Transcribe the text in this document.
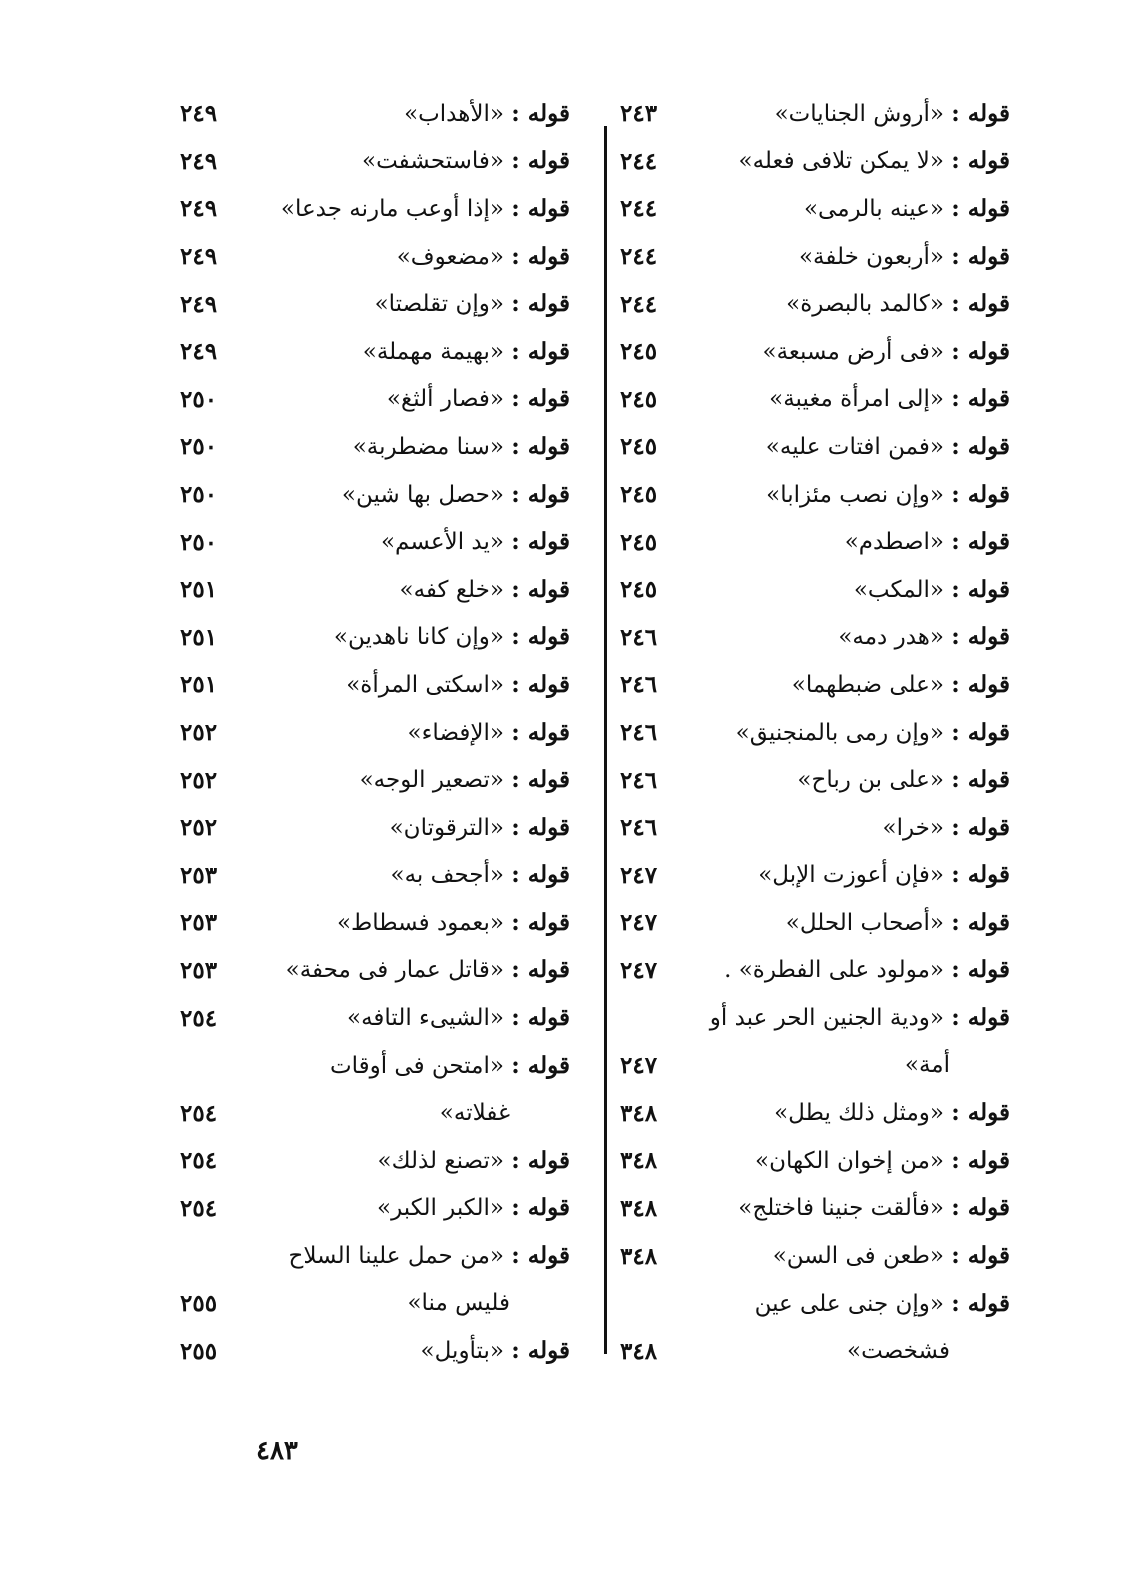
قوله : «أروش الجنايات»
٢٤٣
قوله : «لا يمكن تلافى فعله»
٢٤٤
قوله : «عينه بالرمى»
٢٤٤
قوله : «أربعون خلفة»
٢٤٤
قوله : «كالمد بالبصرة»
٢٤٤
قوله : «فى أرض مسبعة»
٢٤٥
قوله : «إلى امرأة مغيبة»
٢٤٥
قوله : «فمن افتات عليه»
٢٤٥
قوله : «وإن نصب مئزابا»
٢٤٥
قوله : «اصطدم»
٢٤٥
قوله : «المكب»
٢٤٥
قوله : «هدر دمه»
٢٤٦
قوله : «على ضبطهما»
٢٤٦
قوله : «وإن رمى بالمنجنيق»
٢٤٦
قوله : «على بن رباح»
٢٤٦
قوله : «خرا»
٢٤٦
قوله : «فإن أعوزت الإبل»
٢٤٧
قوله : «أصحاب الحلل»
٢٤٧
قوله : «مولود على الفطرة» .
٢٤٧
قوله : «ودية الجنين الحر عبد أو
أمة»
٢٤٧
قوله : «ومثل ذلك يطل»
٣٤٨
قوله : «من إخوان الكهان»
٣٤٨
قوله : «فألقت جنينا فاختلج»
٣٤٨
قوله : «طعن فى السن»
٣٤٨
قوله : «وإن جنى على عين
فشخصت»
٣٤٨
قوله : «الأهداب»
٢٤٩
قوله : «فاستحشفت»
٢٤٩
قوله : «إذا أوعب مارنه جدعا»
٢٤٩
قوله : «مضعوف»
٢٤٩
قوله : «وإن تقلصتا»
٢٤٩
قوله : «بهيمة مهملة»
٢٤٩
قوله : «فصار ألثغ»
٢٥٠
قوله : «سنا مضطربة»
٢٥٠
قوله : «حصل بها شين»
٢٥٠
قوله : «يد الأعسم»
٢٥٠
قوله : «خلع كفه»
٢٥١
قوله : «وإن كانا ناهدين»
٢٥١
قوله : «اسكتى المرأة»
٢٥١
قوله : «الإفضاء»
٢٥٢
قوله : «تصعير الوجه»
٢٥٢
قوله : «الترقوتان»
٢٥٢
قوله : «أجحف به»
٢٥٣
قوله : «بعمود فسطاط»
٢٥٣
قوله : «قاتل عمار فى محفة»
٢٥٣
قوله : «الشيىء التافه»
٢٥٤
قوله : «امتحن فى أوقات
غفلاته»
٢٥٤
قوله : «تصنع لذلك»
٢٥٤
قوله : «الكبر الكبر»
٢٥٤
قوله : «من حمل علينا السلاح
فليس منا»
٢٥٥
قوله : «بتأويل»
٢٥٥
٤٨٣
